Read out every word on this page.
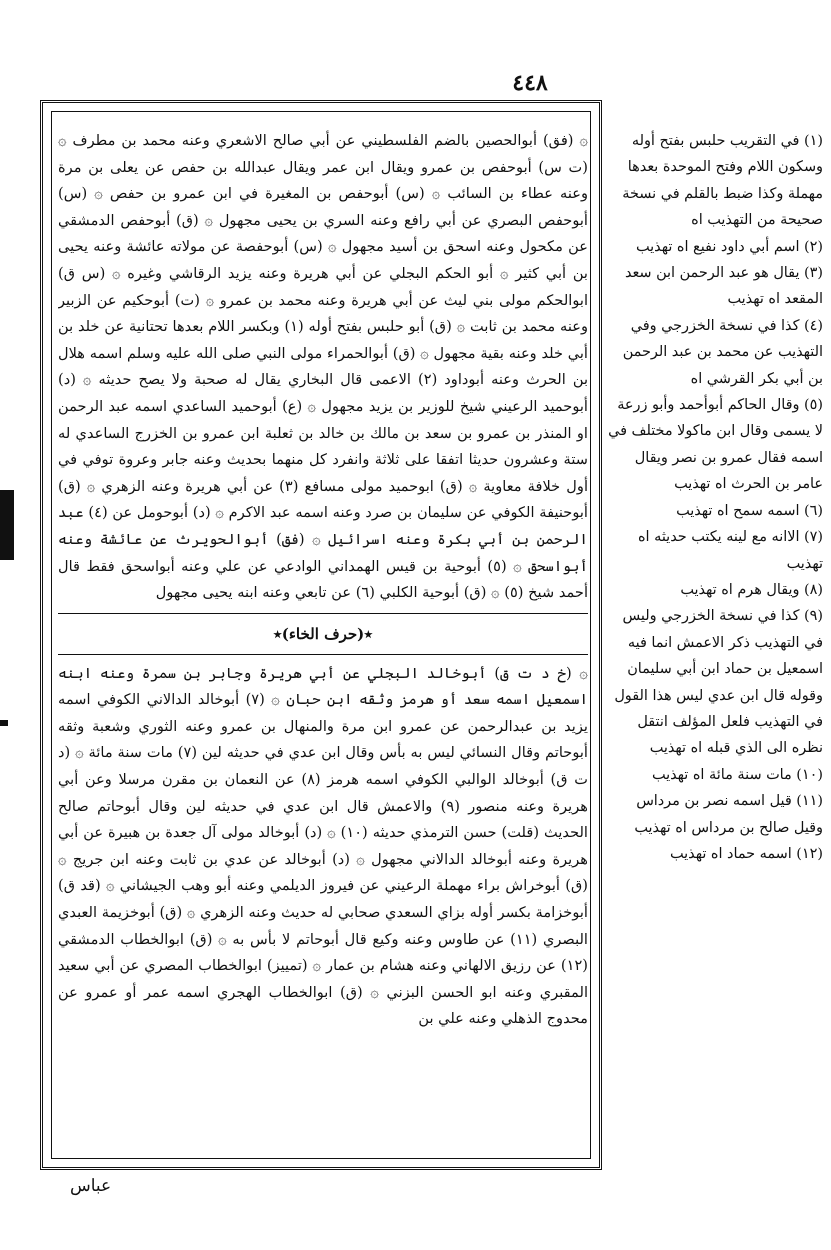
٤٤٨

۞ (فق) أبوالحصين بالضم الفلسطيني عن أبي صالح الاشعري وعنه محمد بن مطرف ۞ (ت س) أبوحفص بن عمرو ويقال ابن عمر ويقال عبدالله بن حفص عن يعلى بن مرة وعنه عطاء بن السائب ۞ (س) أبوحفص بن المغيرة في ابن عمرو بن حفص ۞ (س) أبوحفص البصري عن أبي رافع وعنه السري بن يحيى مجهول ۞ (ق) أبوحفص الدمشقي عن مكحول وعنه اسحق بن أسيد مجهول ۞ (س) أبوحفصة عن مولاته عائشة وعنه يحيى بن أبي كثير ۞ أبو الحكم البجلي عن أبي هريرة وعنه يزيد الرقاشي وغيره ۞ (س ق) ابوالحكم مولى بني ليث عن أبي هريرة وعنه محمد بن عمرو ۞ (ت) أبوحكيم عن الزبير وعنه محمد بن ثابت ۞ (ق) أبو حلبس بفتح أوله (١) وبكسر اللام بعدها تحتانية عن خلد بن أبي خلد وعنه بقية مجهول ۞ (ق) أبوالحمراء مولى النبي صلى الله عليه وسلم اسمه هلال بن الحرث وعنه أبوداود (٢) الاعمى قال البخاري يقال له صحبة ولا يصح حديثه ۞ (د) أبوحميد الرعيني شيخ للوزير بن يزيد مجهول ۞ (ع) أبوحميد الساعدي اسمه عبد الرحمن او المنذر بن عمرو بن سعد بن مالك بن خالد بن ثعلبة ابن عمرو بن الخزرج الساعدي له ستة وعشرون حديثا اتفقا على ثلاثة وانفرد كل منهما بحديث وعنه جابر وعروة توفي في أول خلافة معاوية ۞ (ق) ابوحميد مولى مسافع (٣) عن أبي هريرة وعنه الزهري ۞ (ق) أبوحنيفة الكوفي عن سليمان بن صرد وعنه اسمه عبد الاكرم ۞ (د) أبوحومل عن (٤) عبد الرحمن بن أبي بكرة وعنه اسرائيل ۞ (فق) أبوالحويرث عن عائشة وعنه أبواسحق ۞ (٥) أبوحية بن قيس الهمداني الوادعي عن علي وعنه أبواسحق فقط قال أحمد شيخ (٥) ۞ (ق) أبوحية الكلبي (٦) عن تابعي وعنه ابنه يحيى مجهول

٭(حرف الخاء)٭

۞ (خ د ت ق) أبوخالد البجلي عن أبي هريرة وجابر بن سمرة وعنه ابنه اسمعيل اسمه سعد أو هرمز وثقه ابن حبان ۞ (٧) أبوخالد الدالاني الكوفي اسمه يزيد بن عبدالرحمن عن عمرو ابن مرة والمنهال بن عمرو وعنه الثوري وشعبة وثقه أبوحاتم وقال النسائي ليس به بأس وقال ابن عدي في حديثه لين (٧) مات سنة مائة ۞ (د ت ق) أبوخالد الوالبي الكوفي اسمه هرمز (٨) عن النعمان بن مقرن مرسلا وعن أبي هريرة وعنه منصور (٩) والاعمش قال ابن عدي في حديثه لين وقال أبوحاتم صالح الحديث (قلت) حسن الترمذي حديثه (١٠) ۞ (د) أبوخالد مولى آل جعدة بن هبيرة عن أبي هريرة وعنه أبوخالد الدالاني مجهول ۞ (د) أبوخالد عن عدي بن ثابت وعنه ابن جريج ۞ (ق) أبوخراش براء مهملة الرعيني عن فيروز الديلمي وعنه أبو وهب الجيشاني ۞ (قد ق) أبوخزامة بكسر أوله بزاي السعدي صحابي له حديث وعنه الزهري ۞ (ق) أبوخزيمة العبدي البصري (١١) عن طاوس وعنه وكيع قال أبوحاتم لا بأس به ۞ (ق) ابوالخطاب الدمشقي (١٢) عن رزيق الالهاني وعنه هشام بن عمار ۞ (تمييز) ابوالخطاب المصري عن أبي سعيد المقبري وعنه ابو الحسن البزني ۞ (ق) ابوالخطاب الهجري اسمه عمر أو عمرو عن محدوج الذهلي وعنه علي بن

(١) في التقريب حلبس بفتح أوله وسكون اللام وفتح الموحدة بعدها مهملة وكذا ضبط بالقلم في نسخة صحيحة من التهذيب اه

(٢) اسم أبي داود نفيع اه تهذيب

(٣) يقال هو عبد الرحمن ابن سعد المقعد اه تهذيب

(٤) كذا في نسخة الخزرجي وفي التهذيب عن محمد بن عبد الرحمن بن أبي بكر القرشي اه

(٥) وقال الحاكم أبوأحمد وأبو زرعة لا يسمى وقال ابن ماكولا مختلف في اسمه فقال عمرو بن نصر ويقال عامر بن الحرث اه تهذيب

(٦) اسمه سمح اه تهذيب

(٧) الاانه مع لينه يكتب حديثه اه تهذيب

(٨) ويقال هرم اه تهذيب

(٩) كذا في نسخة الخزرجي وليس في التهذيب ذكر الاعمش انما فيه اسمعيل بن حماد ابن أبي سليمان وقوله قال ابن عدي ليس هذا القول في التهذيب فلعل المؤلف انتقل نظره الى الذي قبله اه تهذيب

(١٠) مات سنة مائة اه تهذيب

(١١) قيل اسمه نصر بن مرداس وقيل صالح بن مرداس اه تهذيب

(١٢) اسمه حماد اه تهذيب

عباس
